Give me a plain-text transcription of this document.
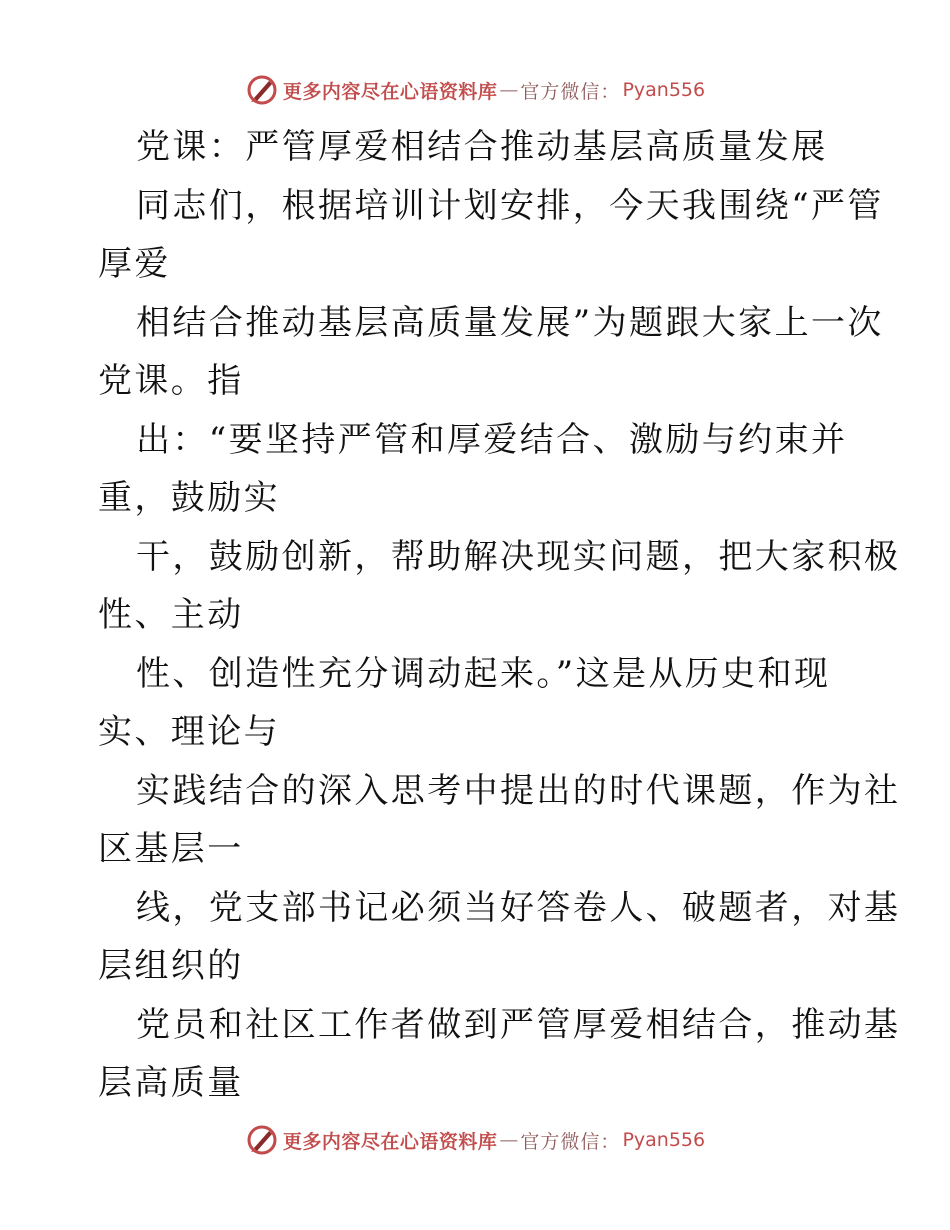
更多内容尽在心语资料库 — 官方微信： Pyan556
党课：严管厚爱相结合推动基层高质量发展
同志们，根据培训计划安排，今天我围绕“严管
厚爱
相结合推动基层高质量发展”为题跟大家上一次
党课。指
出：“要坚持严管和厚爱结合、激励与约束并
重，鼓励实
干，鼓励创新，帮助解决现实问题，把大家积极
性、主动
性、创造性充分调动起来。”这是从历史和现
实、理论与
实践结合的深入思考中提出的时代课题，作为社
区基层一
线，党支部书记必须当好答卷人、破题者，对基
层组织的
党员和社区工作者做到严管厚爱相结合，推动基
层高质量
更多内容尽在心语资料库 — 官方微信： Pyan556
